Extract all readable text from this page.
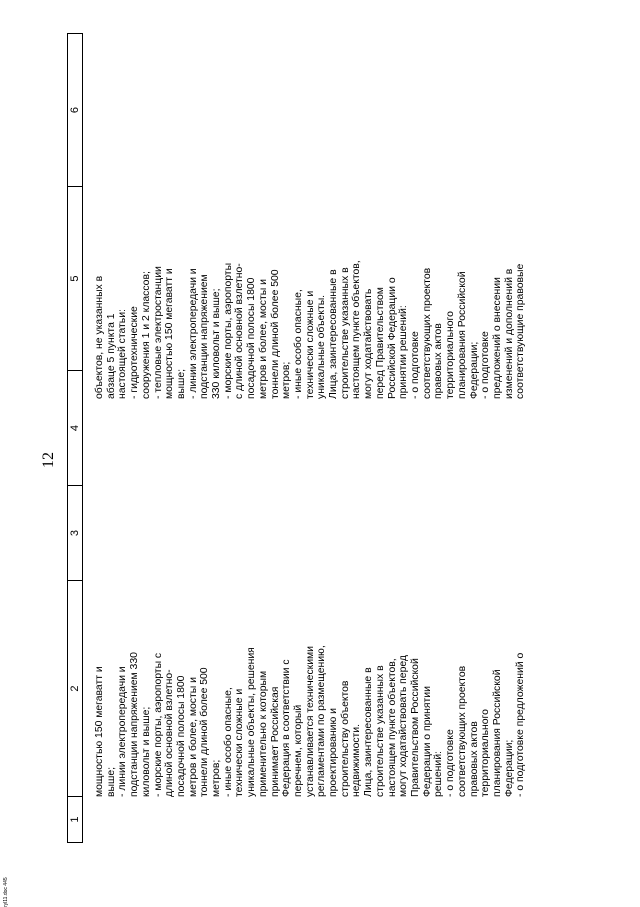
12
1
2
3
4
5
6
мощностью 150 мегаватт и выше; - линии электропередачи и подстанции напряжением 330 киловольт и выше; - морские порты, аэропорты с длиной основной взлетно- посадочной полосы 1800 метров и более, мосты и тоннели длиной более 500 метров; - иные особо опасные, технически сложные и уникальные объекты, решения применительно к которым принимает Российская Федерация в соответствии с перечнем, который устанавливается техническими регламентами по размещению, проектированию и строительству объектов недвижимости. Лица, заинтересованные в строительстве указанных в настоящем пункте объектов, могут ходатайствовать перед Правительством Российской Федерации о принятии решений: - о подготовке соответствующих проектов правовых актов территориального планирования Российской Федерации; - о подготовке предложений о
объектов, не указанных в абзаце 5 пункта 1 настоящей статьи: - гидротехнические сооружения 1 и 2 классов; - тепловые электростанции мощностью 150 мегаватт и выше; - линии электропередачи и подстанции напряжением 330 киловольт и выше; - морские порты, аэропорты с длиной основной взлетно- посадочной полосы 1800 метров и более, мосты и тоннели длиной более 500 метров; - иные особо опасные, технически сложные и уникальные объекты. Лица, заинтересованные в строительстве указанных в настоящем пункте объектов, могут ходатайствовать перед Правительством Российской Федерации о принятии решений: - о подготовке соответствующих проектов правовых актов территориального планирования Российской Федерации; - о подготовке предложений о внесении изменений и дополнений в соответствующие правовые
ryl11.doc 445
